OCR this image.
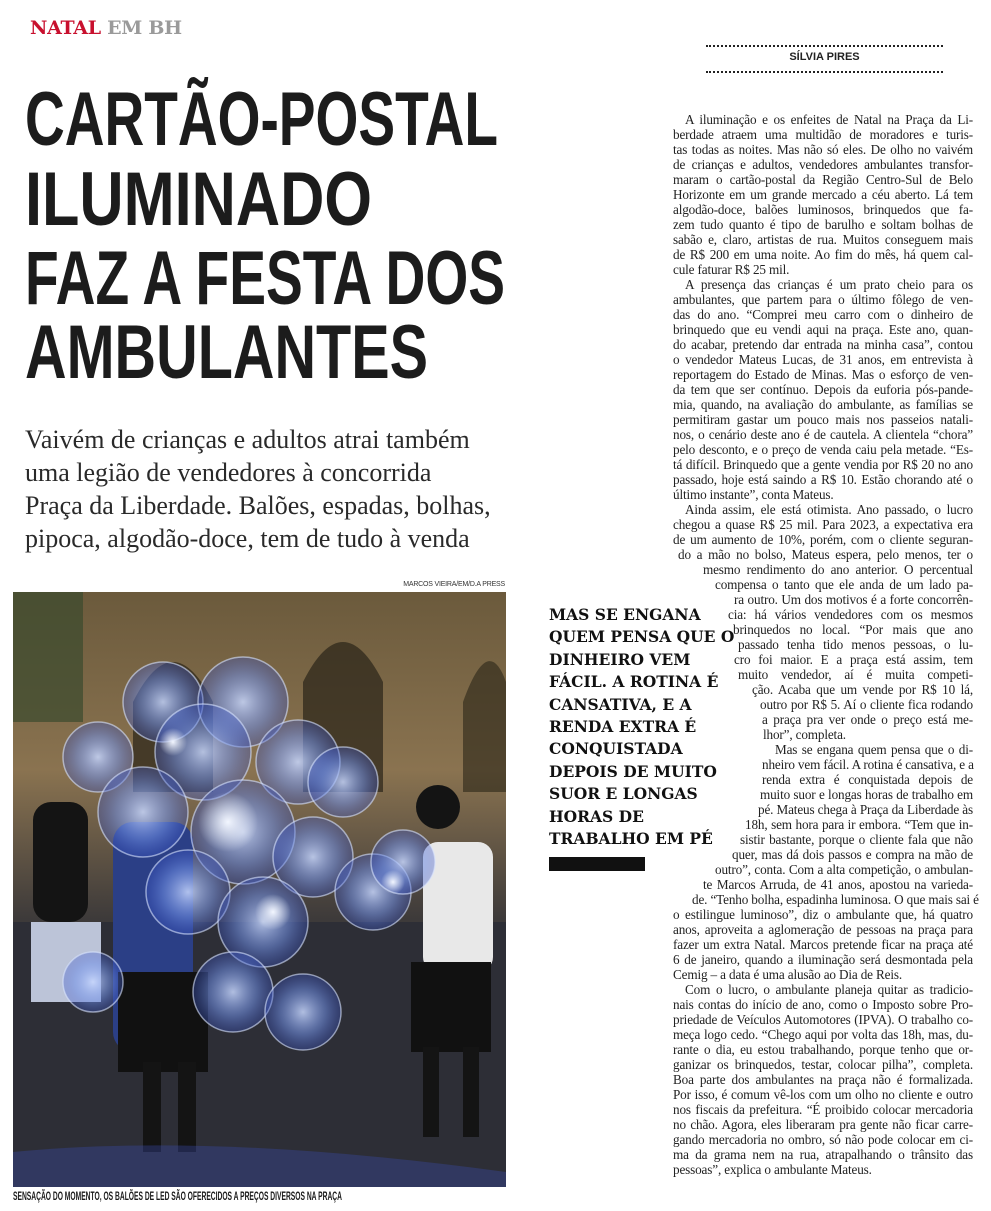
NATAL EM BH
SÍLVIA PIRES
CARTÃO-POSTAL
ILUMINADO
FAZ A FESTA DOS
AMBULANTES
Vaivém de crianças e adultos atrai também
uma legião de vendedores à concorrida
Praça da Liberdade. Balões, espadas, bolhas,
pipoca, algodão-doce, tem de tudo à venda
MARCOS VIEIRA/EM/D.A PRESS
SENSAÇÃO DO MOMENTO, OS BALÕES DE LED SÃO OFERECIDOS A PREÇOS DIVERSOS NA PRAÇA
MAS SE ENGANA
QUEM PENSA QUE O
DINHEIRO VEM
FÁCIL. A ROTINA É
CANSATIVA, E A
RENDA EXTRA É
CONQUISTADA
DEPOIS DE MUITO
SUOR E LONGAS
HORAS DE
TRABALHO EM PÉ
A iluminação e os enfeites de Natal na Praça da Li-
berdade atraem uma multidão de moradores e turis-
tas todas as noites. Mas não só eles. De olho no vaivém
de crianças e adultos, vendedores ambulantes transfor-
maram o cartão-postal da Região Centro-Sul de Belo
Horizonte em um grande mercado a céu aberto. Lá tem
algodão-doce, balões luminosos, brinquedos que fa-
zem tudo quanto é tipo de barulho e soltam bolhas de
sabão e, claro, artistas de rua. Muitos conseguem mais
de R$ 200 em uma noite. Ao fim do mês, há quem cal-
cule faturar R$ 25 mil.
A presença das crianças é um prato cheio para os
ambulantes, que partem para o último fôlego de ven-
das do ano. “Comprei meu carro com o dinheiro de
brinquedo que eu vendi aqui na praça. Este ano, quan-
do acabar, pretendo dar entrada na minha casa”, contou
o vendedor Mateus Lucas, de 31 anos, em entrevista à
reportagem do Estado de Minas. Mas o esforço de ven-
da tem que ser contínuo. Depois da euforia pós-pande-
mia, quando, na avaliação do ambulante, as famílias se
permitiram gastar um pouco mais nos passeios natali-
nos, o cenário deste ano é de cautela. A clientela “chora”
pelo desconto, e o preço de venda caiu pela metade. “Es-
tá difícil. Brinquedo que a gente vendia por R$ 20 no ano
passado, hoje está saindo a R$ 10. Estão chorando até o
último instante”, conta Mateus.
Ainda assim, ele está otimista. Ano passado, o lucro
chegou a quase R$ 25 mil. Para 2023, a expectativa era
de um aumento de 10%, porém, com o cliente seguran-
do a mão no bolso, Mateus espera, pelo menos, ter o
mesmo rendimento do ano anterior. O percentual
compensa o tanto que ele anda de um lado pa-
ra outro. Um dos motivos é a forte concorrên-
cia: há vários vendedores com os mesmos
brinquedos no local. “Por mais que ano
passado tenha tido menos pessoas, o lu-
cro foi maior. E a praça está assim, tem
muito vendedor, aí é muita competi-
ção. Acaba que um vende por R$ 10 lá,
outro por R$ 5. Aí o cliente fica rodando
a praça pra ver onde o preço está me-
lhor”, completa.
Mas se engana quem pensa que o di-
nheiro vem fácil. A rotina é cansativa, e a
renda extra é conquistada depois de
muito suor e longas horas de trabalho em
pé. Mateus chega à Praça da Liberdade às
18h, sem hora para ir embora. “Tem que in-
sistir bastante, porque o cliente fala que não
quer, mas dá dois passos e compra na mão de
outro”, conta. Com a alta competição, o ambulan-
te Marcos Arruda, de 41 anos, apostou na varieda-
de. “Tenho bolha, espadinha luminosa. O que mais sai é
o estilingue luminoso”, diz o ambulante que, há quatro
anos, aproveita a aglomeração de pessoas na praça para
fazer um extra Natal. Marcos pretende ficar na praça até
6 de janeiro, quando a iluminação será desmontada pela
Cemig – a data é uma alusão ao Dia de Reis.
Com o lucro, o ambulante planeja quitar as tradicio-
nais contas do início de ano, como o Imposto sobre Pro-
priedade de Veículos Automotores (IPVA). O trabalho co-
meça logo cedo. “Chego aqui por volta das 18h, mas, du-
rante o dia, eu estou trabalhando, porque tenho que or-
ganizar os brinquedos, testar, colocar pilha”, completa.
Boa parte dos ambulantes na praça não é formalizada.
Por isso, é comum vê-los com um olho no cliente e outro
nos fiscais da prefeitura. “É proibido colocar mercadoria
no chão. Agora, eles liberaram pra gente não ficar carre-
gando mercadoria no ombro, só não pode colocar em ci-
ma da grama nem na rua, atrapalhando o trânsito das
pessoas”, explica o ambulante Mateus.
